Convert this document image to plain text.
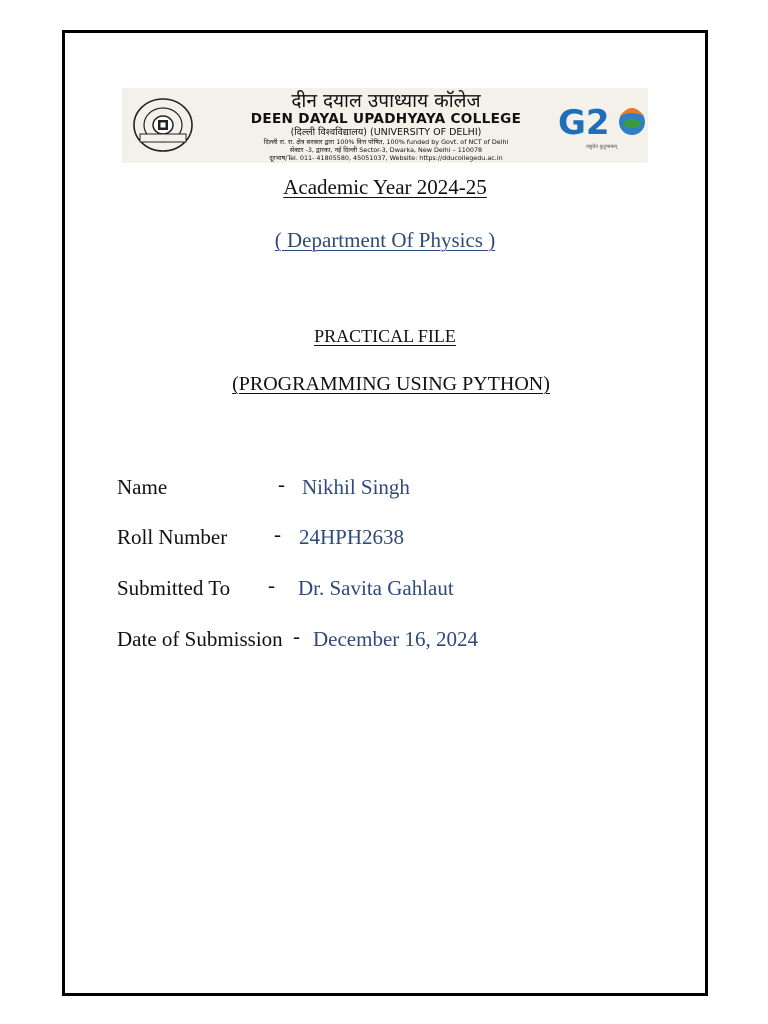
दीन दयाल उपाध्याय कॉलेज
DEEN DAYAL UPADHYAYA COLLEGE
(दिल्ली विश्वविद्यालय) (UNIVERSITY OF DELHI)
दिल्ली रा. रा. क्षेत्र सरकार द्वारा 100% वित्त पोषित, 100% funded by Govt. of NCT of Delhi
सेक्टर -3, द्वारका, नई दिल्ली Sector-3, Dwarka, New Delhi – 110078
दूरभाष/Tel. 011- 41805580, 45051037, Website: https://dducollegedu.ac.in
G2
वसुधैव कुटुम्बकम्
Academic Year 2024-25
( Department Of Physics )
PRACTICAL FILE
(PROGRAMMING USING PYTHON)
Name	- Nikhil Singh
Roll Number - 24HPH2638
Submitted To - Dr. Savita Gahlaut
Date of Submission - December 16, 2024
